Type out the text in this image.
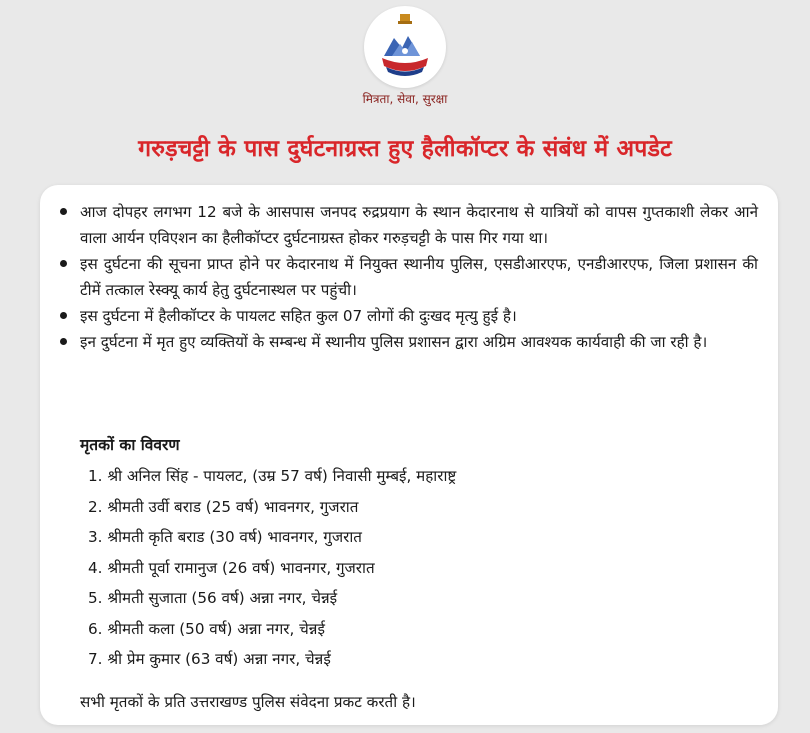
मित्रता, सेवा, सुरक्षा
गरुड़चट्टी के पास दुर्घटनाग्रस्त हुए हैलीकॉप्टर के संबंध में अपडेट
आज दोपहर लगभग 12 बजे के आसपास जनपद रुद्रप्रयाग के स्थान केदारनाथ से यात्रियों को वापस गुप्तकाशी लेकर आने वाला आर्यन एविएशन का हैलीकॉप्टर दुर्घटनाग्रस्त होकर गरुड़चट्टी के पास गिर गया था।
इस दुर्घटना की सूचना प्राप्त होने पर केदारनाथ में नियुक्त स्थानीय पुलिस, एसडीआरएफ, एनडीआरएफ, जिला प्रशासन की टीमें तत्काल रेस्क्यू कार्य हेतु दुर्घटनास्थल पर पहुंची।
इस दुर्घटना में हैलीकॉप्टर के पायलट सहित कुल 07 लोगों की दुःखद मृत्यु हुई है।
इन दुर्घटना में मृत हुए व्यक्तियों के सम्बन्ध में स्थानीय पुलिस प्रशासन द्वारा अग्रिम आवश्यक कार्यवाही की जा रही है।
मृतकों का विवरण
1. श्री अनिल सिंह - पायलट, (उम्र 57 वर्ष) निवासी मुम्बई, महाराष्ट्र
2. श्रीमती उर्वी बराड (25 वर्ष) भावनगर, गुजरात
3. श्रीमती कृति बराड (30 वर्ष) भावनगर, गुजरात
4. श्रीमती पूर्वा रामानुज (26 वर्ष) भावनगर, गुजरात
5. श्रीमती सुजाता (56 वर्ष) अन्ना नगर, चेन्नई
6. श्रीमती कला (50 वर्ष) अन्ना नगर, चेन्नई
7. श्री प्रेम कुमार (63 वर्ष) अन्ना नगर, चेन्नई
सभी मृतकों के प्रति उत्तराखण्ड पुलिस संवेदना प्रकट करती है।
